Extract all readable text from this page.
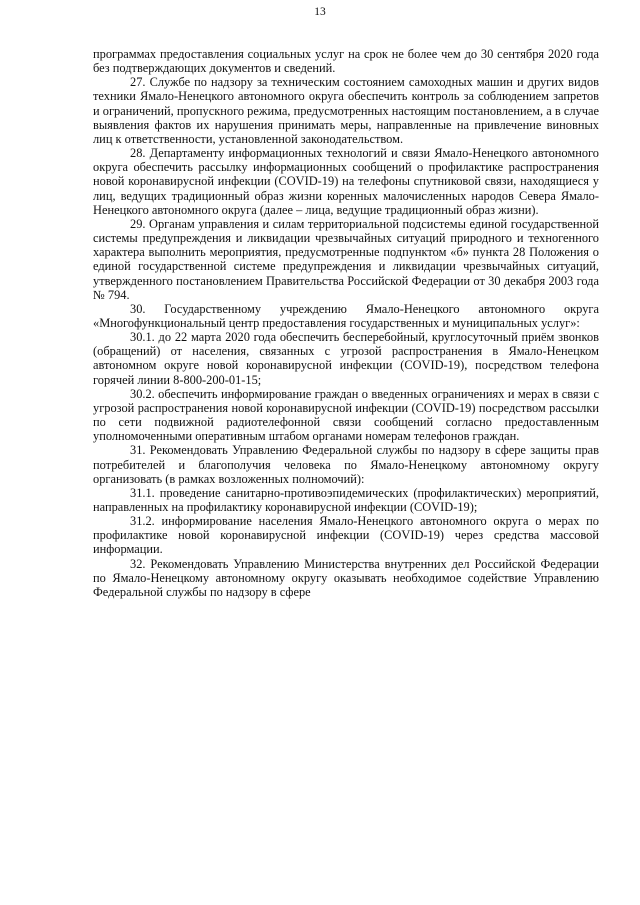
13

программах предоставления социальных услуг на срок не более чем до 30 сентября 2020 года без подтверждающих документов и сведений.

27. Службе по надзору за техническим состоянием самоходных машин и других видов техники Ямало-Ненецкого автономного округа обеспечить контроль за соблюдением запретов и ограничений, пропускного режима, предусмотренных настоящим постановлением, а в случае выявления фактов их нарушения принимать меры, направленные на привлечение виновных лиц к ответственности, установленной законодательством.

28. Департаменту информационных технологий и связи Ямало-Ненецкого автономного округа обеспечить рассылку информационных сообщений о профилактике распространения новой коронавирусной инфекции (COVID-19) на телефоны спутниковой связи, находящиеся у лиц, ведущих традиционный образ жизни коренных малочисленных народов Севера Ямало-Ненецкого автономного округа (далее – лица, ведущие традиционный образ жизни).

29. Органам управления и силам территориальной подсистемы единой государственной системы предупреждения и ликвидации чрезвычайных ситуаций природного и техногенного характера выполнить мероприятия, предусмотренные подпунктом «б» пункта 28 Положения о единой государственной системе предупреждения и ликвидации чрезвычайных ситуаций, утвержденного постановлением Правительства Российской Федерации от 30 декабря 2003 года № 794.

30. Государственному учреждению Ямало-Ненецкого автономного округа «Многофункциональный центр предоставления государственных и муниципальных услуг»:

30.1. до 22 марта 2020 года обеспечить бесперебойный, круглосуточный приём звонков (обращений) от населения, связанных с угрозой распространения в Ямало-Ненецком автономном округе новой коронавирусной инфекции (COVID-19), посредством телефона горячей линии 8-800-200-01-15;

30.2. обеспечить информирование граждан о введенных ограничениях и мерах в связи с угрозой распространения новой коронавирусной инфекции (COVID-19) посредством рассылки по сети подвижной радиотелефонной связи сообщений согласно предоставленным уполномоченными оперативным штабом органами номерам телефонов граждан.

31. Рекомендовать Управлению Федеральной службы по надзору в сфере защиты прав потребителей и благополучия человека по Ямало-Ненецкому автономному округу организовать (в рамках возложенных полномочий):

31.1. проведение санитарно-противоэпидемических (профилактических) мероприятий, направленных на профилактику коронавирусной инфекции (COVID-19);

31.2. информирование населения Ямало-Ненецкого автономного округа о мерах по профилактике новой коронавирусной инфекции (COVID-19) через средства массовой информации.

32. Рекомендовать Управлению Министерства внутренних дел Российской Федерации по Ямало-Ненецкому автономному округу оказывать необходимое содействие Управлению Федеральной службы по надзору в сфере
